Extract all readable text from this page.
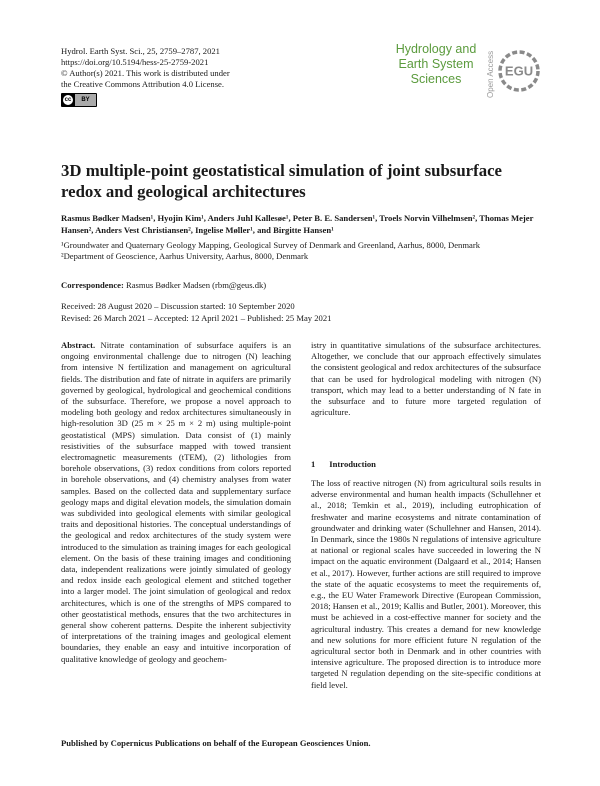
Hydrol. Earth Syst. Sci., 25, 2759–2787, 2021
https://doi.org/10.5194/hess-25-2759-2021
© Author(s) 2021. This work is distributed under
the Creative Commons Attribution 4.0 License.
cc	BY
Hydrology and
Earth System
Sciences	Open Access EGU
3D multiple-point geostatistical simulation of joint subsurface redox and geological architectures
Rasmus Bødker Madsen¹, Hyojin Kim¹, Anders Juhl Kallesøe¹, Peter B. E. Sandersen¹, Troels Norvin Vilhelmsen², Thomas Mejer Hansen², Anders Vest Christiansen², Ingelise Møller¹, and Birgitte Hansen¹
¹Groundwater and Quaternary Geology Mapping, Geological Survey of Denmark and Greenland, Aarhus, 8000, Denmark
²Department of Geoscience, Aarhus University, Aarhus, 8000, Denmark
Correspondence: Rasmus Bødker Madsen (rbm@geus.dk)
Received: 28 August 2020 – Discussion started: 10 September 2020
Revised: 26 March 2021 – Accepted: 12 April 2021 – Published: 25 May 2021

Abstract. Nitrate contamination of subsurface aquifers is an ongoing environmental challenge due to nitrogen (N) leaching from intensive N fertilization and management on agricultural fields. The distribution and fate of nitrate in aquifers are primarily governed by geological, hydrological and geochemical conditions of the subsurface. Therefore, we propose a novel approach to modeling both geology and redox architectures simultaneously in high-resolution 3D (25 m × 25 m × 2 m) using multiple-point geostatistical (MPS) simulation. Data consist of (1) mainly resistivities of the subsurface mapped with towed transient electromagnetic measurements (tTEM), (2) lithologies from borehole observations, (3) redox conditions from colors reported in borehole observations, and (4) chemistry analyses from water samples. Based on the collected data and supplementary surface geology maps and digital elevation models, the simulation domain was subdivided into geological elements with similar geological traits and depositional histories. The conceptual understandings of the geological and redox architectures of the study system were introduced to the simulation as training images for each geological element. On the basis of these training images and conditioning data, independent realizations were jointly simulated of geology and redox inside each geological element and stitched together into a larger model. The joint simulation of geological and redox architectures, which is one of the strengths of MPS compared to other geostatistical methods, ensures that the two architectures in general show coherent patterns. Despite the inherent subjectivity of interpretations of the training images and geological element boundaries, they enable an easy and intuitive incorporation of qualitative knowledge of geology and geochem-

istry in quantitative simulations of the subsurface architectures. Altogether, we conclude that our approach effectively simulates the consistent geological and redox architectures of the subsurface that can be used for hydrological modeling with nitrogen (N) transport, which may lead to a better understanding of N fate in the subsurface and to future more targeted regulation of agriculture.

1 Introduction

The loss of reactive nitrogen (N) from agricultural soils results in adverse environmental and human health impacts (Schullehner et al., 2018; Temkin et al., 2019), including eutrophication of freshwater and marine ecosystems and nitrate contamination of groundwater and drinking water (Schullehner and Hansen, 2014). In Denmark, since the 1980s N regulations of intensive agriculture at national or regional scales have succeeded in lowering the N impact on the aquatic environment (Dalgaard et al., 2014; Hansen et al., 2017). However, further actions are still required to improve the state of the aquatic ecosystems to meet the requirements of, e.g., the EU Water Framework Directive (European Commission, 2018; Hansen et al., 2019; Kallis and Butler, 2001). Moreover, this must be achieved in a cost-effective manner for society and the agricultural industry. This creates a demand for new knowledge and new solutions for more efficient future N regulation of the agricultural sector both in Denmark and in other countries with intensive agriculture. The proposed direction is to introduce more targeted N regulation depending on the site-specific conditions at field level.

Published by Copernicus Publications on behalf of the European Geosciences Union.
